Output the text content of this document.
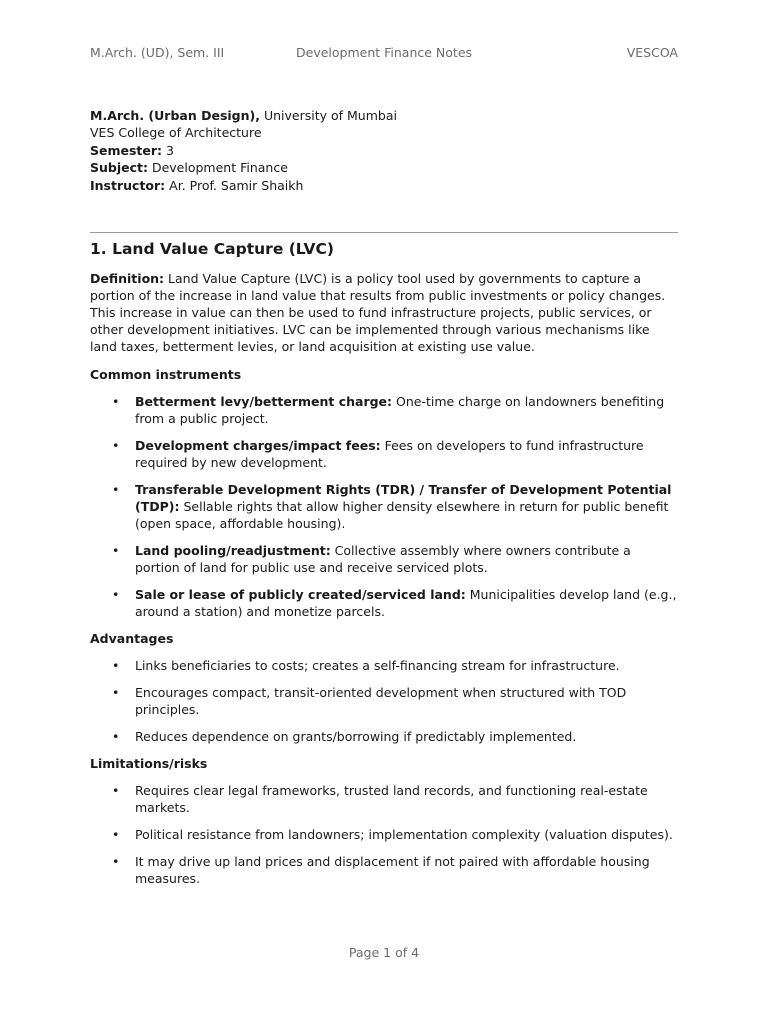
M.Arch. (UD), Sem. III	Development Finance Notes	VESCOA
M.Arch. (Urban Design), University of Mumbai
VES College of Architecture
Semester: 3
Subject: Development Finance
Instructor: Ar. Prof. Samir Shaikh
1. Land Value Capture (LVC)

Definition: Land Value Capture (LVC) is a policy tool used by governments to capture a portion of the increase in land value that results from public investments or policy changes. This increase in value can then be used to fund infrastructure projects, public services, or other development initiatives. LVC can be implemented through various mechanisms like land taxes, betterment levies, or land acquisition at existing use value.

Common instruments
• Betterment levy/betterment charge: One-time charge on landowners benefiting from a public project.
• Development charges/impact fees: Fees on developers to fund infrastructure required by new development.
• Transferable Development Rights (TDR) / Transfer of Development Potential (TDP): Sellable rights that allow higher density elsewhere in return for public benefit (open space, affordable housing).
• Land pooling/readjustment: Collective assembly where owners contribute a portion of land for public use and receive serviced plots.
• Sale or lease of publicly created/serviced land: Municipalities develop land (e.g., around a station) and monetize parcels.
Advantages
• Links beneficiaries to costs; creates a self-financing stream for infrastructure.
• Encourages compact, transit-oriented development when structured with TOD principles.
• Reduces dependence on grants/borrowing if predictably implemented.
Limitations/risks
• Requires clear legal frameworks, trusted land records, and functioning real-estate markets.
• Political resistance from landowners; implementation complexity (valuation disputes).
• It may drive up land prices and displacement if not paired with affordable housing measures.
Page 1 of 4
